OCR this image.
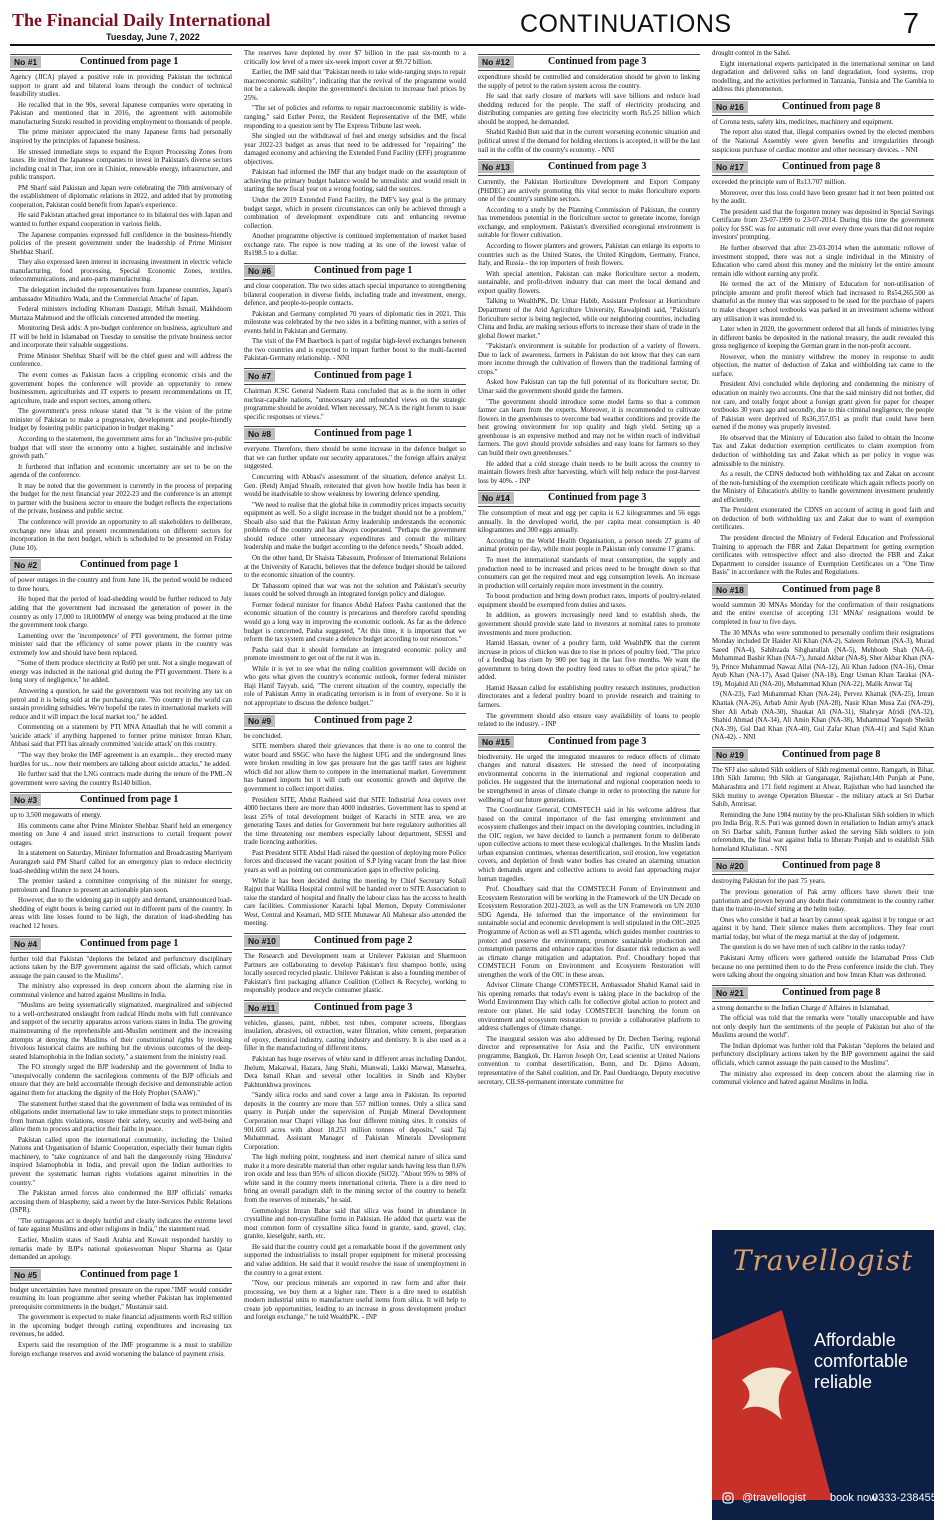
The Financial Daily International
Tuesday, June 7, 2022	CONTINUATIONS	7
No #1	Continued from page 1

Agency (JICA) played a positive role in providing Pakistan the technical support to grant aid and bilateral loans through the conduct of technical feasibility studies.

He recalled that in the 90s, several Japanese companies were operating in Pakistan and mentioned that in 2016, the agreement with automobile manufacturing Suzuki resulted in providing employment to thousands of people.

The prime minister appreciated the many Japanese firms had personally inspired by the principles of Japanese business.

He stressed immediate steps to expand the Export Processing Zones from taxes. He invited the Japanese companies to invest in Pakistan's diverse sectors including coal in Thar, iron ore in Chiniot, renewable energy, infrastructure, and public transport.

PM Sharif said Pakistan and Japan were celebrating the 70th anniversary of the establishment of diplomatic relations in 2022, and added that by promoting cooperation, Pakistan could benefit from Japan's experience.

He said Pakistan attached great importance to its bilateral ties with Japan and wanted to further expand cooperation in various fields.

The Japanese companies expressed full confidence in the business-friendly policies of the present government under the leadership of Prime Minister Shehbaz Sharif.

They also expressed keen interest in increasing investment in electric vehicle manufacturing, food processing, Special Economic Zones, textiles, telecommunications, and auto-parts manufacturing.

The delegation included the representatives from Japanese countries, Japan's ambassador Mitsuhiro Wada, and the Commercial Attache' of Japan.

Federal ministers including Khurram Dastagir, Miftah Ismail, Makhdoom Murtaza Mahmood and the officials concerned attended the meeting.

Monitoring Desk adds: A pre-budget conference on business, agriculture and IT will be held in Islamabad on Tuesday to sensitise the private business sector and incorporate their valuable suggestions.

Prime Minister Shehbaz Sharif will be the chief guest and will address the conference.

The event comes as Pakistan faces a crippling economic crisis and the government hopes the conference will provide an opportunity to renew businessmen, agriculturists and IT experts to present recommendations on IT, agriculture, trade and export sectors, among others.

The government's press release stated that "it is the vision of the prime minister of Pakistan to make a progressive, development and people-friendly budget by fostering public participation in budget making."

According to the statement, the government aims for an "inclusive pro-public budget that will steer the economy onto a higher, sustainable and inclusive growth path."

It furthered that inflation and economic uncertainty are set to be on the agenda of the conference.

It may be noted that the government is currently in the process of preparing the budget for the next financial year 2022-23 and the conference is an attempt to partner with the business sector to ensure the budget reflects the expectations of the private, business and public sector.

The conference will provide an opportunity to all stakeholders to deliberate, exchange new ideas and present recommendations on different sectors for incorporation in the next budget, which is scheduled to be presented on Friday (June 10).

No #2	Continued from page 1

of power outages in the country and from June 16, the period would be reduced to three hours.

He hoped that the period of load-shedding would be further reduced to July adding that the government had increased the generation of power in the country as only 17,000 to 18,000MW of energy was being produced at the time the government took charge.

Lamenting over the 'incompetence' of PTI government, the former prime minister said that the efficiency of some power plants in the country was extremely low and should have been replaced.

"Some of them produce electricity at Rs60 per unit. Not a single megawatt of energy was inducted in the national grid during the PTI government. There is a long story of negligence," he added.

Answering a question, he said the government was not receiving any tax on petrol and it is being sold at the purchasing rate. "No country in the world can sustain providing subsidies. We're hopeful the rates in international markets will reduce and it will impact the local market too," he added.

Commenting on a statement by PTI MNA Attaullah that he will commit a 'suicide attack' if anything happened to former prime minister Imran Khan, Abbasi said that PTI has already committed 'suicide attack' on this country.

"The way they broke the IMF agreement is an example... they erected many hurdles for us... now their members are talking about suicide attacks," he added.

He further said that the LNG contracts made during the tenure of the PML-N government were saving the country Rs140 billion.

No #3	Continued from page 1

up to 3,500 megawatts of energy.

His comments came after Prime Minister Shehbaz Sharif held an emergency meeting on June 4 and issued strict instructions to curtail frequent power outages.

In a statement on Saturday, Minister Information and Broadcasting Marriyum Aurangzeb said PM Sharif called for an emergency plan to reduce electricity load-shedding within the next 24 hours.

The premier tasked a committee comprising of the minister for energy, petroleum and finance to present an actionable plan soon.

However, due to the widening gap in supply and demand, unannounced load-shedding of eight hours is being carried out in different parts of the country. In areas with line losses found to be high, the duration of load-shedding has reached 12 hours.

No #4	Continued from page 1

further told that Pakistan "deplores the belated and perfunctory disciplinary actions taken by the BJP government against the said officials, which cannot assuage the pain caused to the Muslims".

The ministry also expressed its deep concern about the alarming rise in communal violence and hatred against Muslims in India.

"Muslims are being systematically stigmatized, marginalized and subjected to a well-orchestrated onslaught from radical Hindu mobs with full connivance and support of the security apparatus across various states in India. The growing mainstreaming of the reprehensible anti-Muslim sentiment and the increasing attempts at denying the Muslims of their constitutional rights by invoking frivolous historical claims are nothing but the obvious outcomes of the deep-seated Islamophobia in the Indian society," a statement from the ministry read.

The FO strongly urged the BJP leadership and the government of India to "unequivocally condemn the sacrilegious comments of the BJP officials and ensure that they are held accountable through decisive and demonstrable action against them for attacking the dignity of the Holy Prophet (SAAW)."

The statement further stated that the government of India was reminded of its obligations under international law to take immediate steps to protect minorities from human rights violations, ensure their safety, security and well-being and allow them to process and practice their faiths in peace.

Pakistan called upon the international community, including the United Nations and Organisation of Islamic Cooperation, especially their human rights machinery, to "take cognizance of and halt the dangerously rising 'Hindutva' inspired Islamophobia in India, and prevail upon the Indian authorities to prevent the systematic human rights violations against minorities in the country."

The Pakistan armed forces also condemned the BJP officials' remarks accusing them of blasphemy, said a tweet by the Inter-Services Public Relations (ISPR).

"The outrageous act is deeply hurtful and clearly indicates the extreme level of hate against Muslims and other religions in India," the statement read.

Earlier, Muslim states of Saudi Arabia and Kuwait responded harshly to remarks made by BJP's national spokeswoman Nupur Sharma as Qatar demanded an apology.

No #5	Continued from page 1

budget uncertainties have mounted pressure on the rupee."IMF would consider resuming its loan programme after seeing whether Pakistan has implemented prerequisite commitments in the budget," Mustansir said.

The government is expected to make financial adjustments worth Rs2 trillion in the upcoming budget through cutting expenditures and increasing tax revenues, he added.

Experts said the resumption of the IMF programme is a must to stabilize foreign exchange reserves and avoid worsening the balance of payment crisis.

The reserves have depleted by over $7 billion in the past six-month to a critically low level of a mere six-week import cover at $9.72 billion.

Earlier, the IMF said that "Pakistan needs to take wide-ranging steps to repair macroeconomic stability", indicating that the revival of the programme would not be a cakewalk despite the government's decision to increase fuel prices by 25%.

"The set of policies and reforms to repair macroeconomic stability is wide-ranging," said Esther Perez, the Resident Representative of the IMF, while responding to a question sent by The Express Tribune last week.

She singled out the withdrawal of fuel and energy subsidies and the fiscal year 2022-23 budget as areas that need to be addressed for "repairing" the damaged economy and achieving the Extended Fund Facility (EFF) programme objectives.

Pakistan had informed the IMF that any budget made on the assumption of achieving the primary budget balance would be unrealistic and would result in starting the new fiscal year on a wrong footing, said the sources.

Under the 2019 Extended Fund Facility, the IMF's key goal is the primary budget target, which in present circumstances can only be achieved through a combination of development expenditure cuts and enhancing revenue collection.

Another programme objective is continued implementation of market based exchange rate. The rupee is now trading at its one of the lowest value of Rs198.5 to a dollar.

No #6	Continued from page 1

and close cooperation. The two sides attach special importance to strengthening bilateral cooperation in diverse fields, including trade and investment, energy, defence, and people-to-people contacts.

Pakistan and Germany completed 70 years of diplomatic ties in 2021. This milestone was celebrated by the two sides in a befitting manner, with a series of events held in Pakistan and Germany.

The visit of the FM Baerbock is part of regular high-level exchanges between the two countries and is expected to impart further boost to the multi-faceted Pakistan-Germany relationship. - NNI

No #7	Continued from page 1

Chairman JCSC General Nadeem Raza concluded that as is the norm in other nuclear-capable nations, "unnecessary and unfounded views on the strategic programme should be avoided. When necessary, NCA is the right forum to issue specific responses or views."

No #8	Continued from page 1

everyone. Therefore, there should be some increase in the defence budget so that we can further update our security apparatuses," the foreign affairs analyst suggested.

Concurring with Abbasi's assessment of the situation, defence analyst Lt. Gen. (Retd) Amjad Shoaib, reiterated that given how hostile India has been it would be inadvisable to show weakness by lowering defence spending.

"We need to realise that the global hike in commodity prices impacts security equipment as well. So a slight increase in the budget should not be a problem," Shoaib also said that the Pakistan Army leadership understands the economic problems of the country and has always cooperated. "Perhaps the government should reduce other unnecessary expenditures and consult the military leadership and make the budget according to the defence needs," Shoaib added.

On the other hand, Dr Shaista Tabassum, Professor of International Relations at the University of Karachi, believes that the defence budget should be tailored to the economic situation of the country.

Dr Tabassum opined that war was not the solution and Pakistan's security issues could be solved through an integrated foreign policy and dialogue.

Former federal minister for finance Abdul Hafeez Pasha cautioned that the economic situation of the country is precarious and therefore careful spending would go a long way in improving the economic outlook. As far as the defence budget is concerned, Pasha suggested, "At this time, it is important that we reform the tax system and create a defence budget according to our resources."

Pasha said that it should formulate an integrated economic policy and promote investment to get out of the rut it was in.

While it is yet to see what the ruling coalition government will decide on who gets what given the country's economic outlook, former federal minister Haji Hanif Tayyab, said, "The current situation of the country, especially the role of Pakistan Army in eradicating terrorism is in front of everyone. So it is not appropriate to discuss the defence budget."

No #9	Continued from page 2

be concluded.

SITE members shared their grievances that there is no one to control the water board and SSGC who have the highest UFG and the underground lines were broken resulting in low gas pressure but the gas tariff rates are highest which did not allow them to compete in the international market. Government has banned imports but it will curb our economic growth and deprive the government to collect import duties.

President SITE, Abdul Rasheed said that SITE Industrial Area covers over 4000 hectares there are more than 4000 industries. Government has to spend at least 25% of total development budget of Karachi in SITE area, we are generating Taxes and duties for Government but here regulatory authorities all the time threatening our members especially labour department, SESSI and trade licencing authorities.

Past President SITE Abdul Hadi raised the question of deploying more Police forces and discussed the vacant position of S.P lying vacant from the last three years as well as pointing out communication gaps in effective policing.

While it has been decided during the meeting by Chief Secretary Sohail Rajput that Wallika Hospital control will be handed over to SITE Association to raise the standard of hospital and finally the labour class has the access to health care facilities. Commissioner Karachi Iqbal Memon, Deputy Commissioner West, Central and Keamari, MD SITE Munawar Ali Mahesar also attended the meeting.

No #10	Continued from page 2

The Research and Development team at Unilever Pakistan and Sharmoon Partners are collaborating to develop Pakistan's first shampoo bottle, using locally sourced recycled plastic. Unilever Pakistan is also a founding member of Pakistan's first packaging alliance Coalition (Collect & Recycle), working to responsibly produce and recycle consumer plastic.

No #11	Continued from page 3

vehicles, glasses, paint, rubber, test tubes, computer screens, fiberglass insulation, abrasives, oil extraction, water filtration, white cement, preparation of epoxy, chemical industry, casting industry and dentistry. It is also used as a filler in the manufacturing of different items.

Pakistan has huge reserves of white sand in different areas including Dandot, Jhelum, Makarwal, Hazara, Jang Shahi, Mianwali, Lakki Marwat, Mansehra, Dera Ismail Khan and several other localities in Sindh and Khyber Pakhtunkhwa provinces.

"Sandy silica rocks and sand cover a large area in Pakistan. Its reported deposits in the country are more than 557 million tonnes. Only a silica sand quarry in Punjab under the supervision of Punjab Mineral Development Corporation near Chapri village has four different mining sites. It consists of 901.603 acres with about 18.253 million tonnes of deposits," said Taj Muhammad, Assistant Manager of Pakistan Minerals Development Corporation.

The high melting point, toughness and inert chemical nature of silica sand make it a more desirable material than other regular sands having less than 0.6% iron oxide and less than 95% of silicon dioxide (SiO2). "About 95% to 98% of white sand in the country meets international criteria. There is a dire need to bring an overall paradigm shift in the mining sector of the country to benefit from the reserves of minerals," he said.

Gemmologist Imran Babar said that silica was found in abundance in crystalline and non-crystalline forms in Pakistan. He added that quartz was the most common form of crystalline silica found in granite, sand, gravel, clay, granite, kieselguhr, earth, etc.

He said that the country could get a remarkable boost if the government only supported the industrialists to install proper equipment for mineral processing and value addition. He said that it would resolve the issue of unemployment in the country to a great extent.

"Now, our precious minerals are exported in raw form and after their processing, we buy them at a higher rate. There is a dire need to establish modern industrial units to manufacture useful items from silica. It will help to create job opportunities, leading to an increase in gross development product and foreign exchange," he told WealthPK. - INP

No #12	Continued from page 3

expenditure should be controlled and consideration should be given to linking the supply of petrol to the ration system across the country.

He said that early closure of markets will save billions and reduce load shedding reduced for the people. The staff of electricity producing and distributing companies are getting free electricity worth Rs5.25 billion which should be stopped, he demanded.

Shahid Rashid Butt said that in the current worsening economic situation and political unrest if the demand for holding elections is accepted, it will be the last nail in the coffin of the country's economy. - NNI

No #13	Continued from page 3

Currently, the Pakistan Horticulture Development and Export Company (PHDEC) are actively promoting this vital sector to make floriculture exports one of the country's sunshine sectors.

According to a study by the Planning Commission of Pakistan, the country has tremendous potential in the floriculture sector to generate income, foreign exchange, and employment. Pakistan's diversified ecoregional environment is suitable for flower cultivation.

According to flower planters and growers, Pakistan can enlarge its exports to countries such as the United States, the United Kingdom, Germany, France, Italy, and Russia - the top importers of fresh flowers.

With special attention, Pakistan can make floriculture sector a modern, sustainable, and profit-driven industry that can meet the local demand and export quality flowers.

Talking to WealthPK, Dr. Umar Habib, Assistant Professor at Horticulture Department of the Arid Agriculture University, Rawalpindi said, "Pakistan's floriculture sector is being neglected, while our neighboring countries, including China and India, are making serious efforts to increase their share of trade in the global flower market."

"Pakistan's environment is suitable for production of a variety of flowers. Due to lack of awareness, farmers in Pakistan do not know that they can earn more income through the cultivation of flowers than the traditional farming of crops."

Asked how Pakistan can tap the full potential of its floriculture sector, Dr. Umar said the government should guide the farmers.

"The government should introduce some model farms so that a common farmer can learn from the experts. Moreover, it is recommended to cultivate flowers in the greenhouses to overcome bad weather conditions and provide the best growing environment for top quality and high yield. Setting up a greenhouse is an expensive method and may not be within reach of individual farmers. The govt should provide subsidies and easy loans for farmers so they can build their own greenhouses."

He added that a cold storage chain needs to be built across the country to maintain flowers fresh after harvesting, which will help reduce the post-harvest loss by 40%. - INP

No #14	Continued from page 3

The consumption of meat and egg per capita is 6.2 kilogrammes and 56 eggs annually. In the developed world, the per capita meat consumption is 40 kilogrammes and 300 eggs annually.

According to the World Health Organisation, a person needs 27 grams of animal protein per day, while most people in Pakistan only consume 17 grams.

To meet the international standards of meat consumption, the supply and production need to be increased and prices need to be brought down so that consumers can get the required meat and egg consumption levels. An increase in production will certainly require more investment in the country.

To boost production and bring down product rates, imports of poultry-related equipment should be exempted from duties and taxes.

In addition, as growers increasingly need land to establish sheds, the government should provide state land to investors at nominal rates to promote investments and more production.

Hamid Hassan, owner of a poultry farm, told WealthPK that the current increase in prices of chicken was due to rise in prices of poultry feed. "The price of a feedbag has risen by 900 per bag in the last five months. We want the government to bring down the poultry feed rates to offset the price spiral," he added.

Hamid Hassan called for establishing poultry research institutes, production directorates and a federal poultry board to provide research and training to farmers.

The government should also ensure easy availability of loans to people related to the industry. - INP

No #15	Continued from page 3

biodiversity. He urged the integrated measures to reduce effects of climate changes and natural disasters. He stressed the need of incorporating environmental concerns in the international and regional cooperation and policies. He suggested that the international and regional cooperation needs to be strengthened in areas of climate change in order to protecting the nature for wellbeing of our future generations.

The Coordinator General, COMSTECH said in his welcome address that based on the central importance of the fast emerging environment and ecosystem challenges and their impact on the developing countries, including in the OIC region, we have decided to launch a permanent forum to deliberate upon collective actions to meet these ecological challenges. In the Muslim lands urban expansion continues, whereas desertification, soil erosion, low vegetation covers, and depletion of fresh water bodies has created an alarming situation which demands urgent and collective actions to avoid fast approaching major human tragedies.

Prof. Choudhary said that the COMSTECH Forum of Environment and Ecosystem Restoration will be working in the Framework of the UN Decade on Ecosystem Restoration 2021-2023, as well as the UN Framework on UN 2030 SDG Agenda. He informed that the importance of the environment for sustainable social and economic development is well stipulated in the OIC-2025 Programme of Action as well as STI agenda, which guides member countries to protect and preserve the environment, promote sustainable production and consumption patterns and enhance capacities for disaster risk reduction as well as climate change mitigation and adaptation. Prof. Choudhary hoped that COMSTECH Forum on Environment and Ecosystem Restoration will strengthen the work of the OIC in these areas.

Advisor Climate Change COMSTECH, Ambassador Shahid Kamal said in his opening remarks that today's event is taking place in the backdrop of the World Environment Day which calls for collective global action to protect and restore our planet. He said today COMSTECH launching the forum on environment and ecosystem restoration to provide a collaborative platform to address challenges of climate change.

The inaugural session was also addressed by Dr. Dechen Tsering, regional director and representative for Asia and the Pacific, UN environment programme, Bangkok, Dr. Harron Joseph Orr, Lead scientist at United Nations convention to combat desertification, Bonn, and Dr. Djimo Adoum, representative of the Sahel coalition, and Dr. Paul Ouedraogo, Deputy executive secretary, CILSS-permanent interstate committee for

drought control in the Sahel.

Eight international experts participated in the international seminar on land degradation and delivered talks on land degradation, food systems, crop modelling, and the activities performed in Tanzania, Tunisia and The Gambia to address this phenomenon.

No #16	Continued from page 8

of Corona tests, safety kits, medicines, machinery and equipment.

The report also stated that, illegal companies owned by the elected members of the National Assembly were given benefits and irregularities through suspicious purchase of cardiac monitor and other necessary devices. - NNI

No #17	Continued from page 8

exceeded the principle sum of Rs13.707 million.

Moreover, over this loss could have been greater had it not been pointed out by the audit.

The president said that the forgotten money was deposited in Special Savings Certificate from 23-07-1999 to 23-07-2014. During this time the government policy for SSC was for automatic roll over every three years that did not require investors' prompting.

He further observed that after 23-03-2014 when the automatic rollover of investment stopped, there was not a single individual in the Ministry of Education who cared about this money and the ministry let the entire amount remain idle without earning any profit.

He termed the act of the Ministry of Education for non-utilisation of principle amount and profit thereof which had increased to Rs54,265,500 as shameful as the money that was supposed to be used for the purchase of papers to make cheaper school textbooks was parked in an investment scheme without any utilisation it was intended to.

Later when in 2020, the government ordered that all funds of ministries lying in different banks be deposited in the national treasury, the audit revealed this gross negligence of keeping the German grant in the non-profit account.

However, when the ministry withdrew the money in response to audit objection, the matter of deduction of Zakat and withholding tax came to the surface.

President Alvi concluded while deploring and condemning the ministry of education on mainly two accounts. One that the said ministry did not bother, did not care, and totally forgot about a foreign grant given for paper for cheaper textbooks 30 years ago and secondly, due to this criminal negligence, the people of Pakistan were deprived of Rs36,357,051 as profit that could have been earned if the money was properly invested.

He observed that the Ministry of Education also failed to obtain the Income Tax and Zakat deduction exemption certificates to claim exemption from deduction of withholding tax and Zakat which as per policy in vogue was admissible to the ministry.

As a result, the CDNS deducted both withholding tax and Zakat on account of the non-furnishing of the exemption certificate which again reflects poorly on the Ministry of Education's ability to handle government investment prudently and efficiently.

The President exonerated the CDNS on account of acting in good faith and on deduction of both withholding tax and Zakat due to want of exemption certificates.

The president directed the Ministry of Federal Education and Professional Training to approach the FBR and Zakat Department for getting exemption certificates with retrospective effect and also directed the FBR and Zakat Department to consider issuance of Exemption Certificates on a "One Time Basis" in accordance with the Rules and Regulations.

No #18	Continued from page 8

would summon 30 MNAs Monday for the confirmation of their resignations and the entire exercise of accepting 131 MNAs' resignations would be completed in four to five days.

The 30 MNAs who were summoned to personally confirm their resignations Monday included Dr Haider Ali Khan (NA-2), Saleem Rehman (NA-3), Murad Saeed (NA-4), Sahibzada Sibghatullah (NA-5), Mehboob Shah (NA-6), Muhammad Bashir Khan (NA-7), Junaid Akbar (NA-8), Sher Akbar Khan (NA-9), Prince Muhammad Nawaz Allai (NA-12), Ali Khan Jadoon (NA-16), Omar Ayub Khan (NA-17), Asad Qaiser (NA-18), Engr Usman Khan Tarakai (NA-19), Mujahid Ali (NA-20), Muhammad Khan (NA-22), Malik Anwar Taj

(NA-23), Fazl Muhammad Khan (NA-24), Pervez Khattak (NA-25), Imran Khattak (NA-26), Arbab Amir Ayub (NA-28), Nasir Khan Musa Zai (NA-29), Sher Ali Arbab (NA-30), Shaukat Ali (NA-31), Shahryar Afridi (NA-32), Shahid Ahmad (NA-34), Ali Amin Khan (NA-38), Muhammad Yaqoob Sheikh (NA-39), Gul Dad Khan (NA-40), Gul Zafar Khan (NA-41) and Sajid Khan (NA-42). - NNI

No #19	Continued from page 8

The SFJ also saluted Sikh soldiers of Sikh regimental centre, Ramgarh, in Bihar, 18th Sikh Jammu; 9th Sikh at Ganganagar, Rajisthan;14th Punjab at Pune, Maharashtra and 171 field regiment at Alwar, Rajisthan who had launched the Sikh mutiny to avenge Operation Bluestar - the military attack at Sri Darbar Sahib, Amritsar.

Reminding the June 1984 mutiny by the pro-Khalistan Sikh soldiers in which pro India Brig. R.S. Puri was gunned down in retaliation to Indian army's attack on Sri Darbar sahib, Pannun further asked the serving Sikh soldiers to join referendum, the final war against India to liberate Punjab and to establish Sikh homeland Khalistan. - NNI

No #20	Continued from page 8

destroying Pakistan for the past 75 years.

The previous generation of Pak army officers have shown their true patriotism and proven beyond any doubt their commitment to the country rather than the traitor-in-chief sitting at the helm today.

Ones who consider it bad at heart by cannot speak against it by tongue or act against it by hand. Their silence makes them accomplices. They fear court martial today, but what of the mega martial at the day of judgement.

The question is do we have men of such calibre in the ranks today?

Pakistani Army officers were gathered outside the Islamabad Press Club because no one permitted them to do the Press conference inside the club. They were talking about the ongoing situation and how Imran Khan was dethroned.

No #21	Continued from page 8

a strong demarche to the Indian Charge d' Affaires in Islamabad.

The official was told that the remarks were "totally unacceptable and have not only deeply hurt the sentiments of the people of Pakistan but also of the Muslims around the world".

The Indian diplomat was further told that Pakistan "deplores the belated and perfunctory disciplinary actions taken by the BJP government against the said officials, which cannot assuage the pain caused to the Muslims".

The ministry also expressed its deep concern about the alarming rise in communal violence and hatred against Muslims in India.

Travellogist
Affordable
comfortable
reliable
@travellogist book now
0333-2384550
